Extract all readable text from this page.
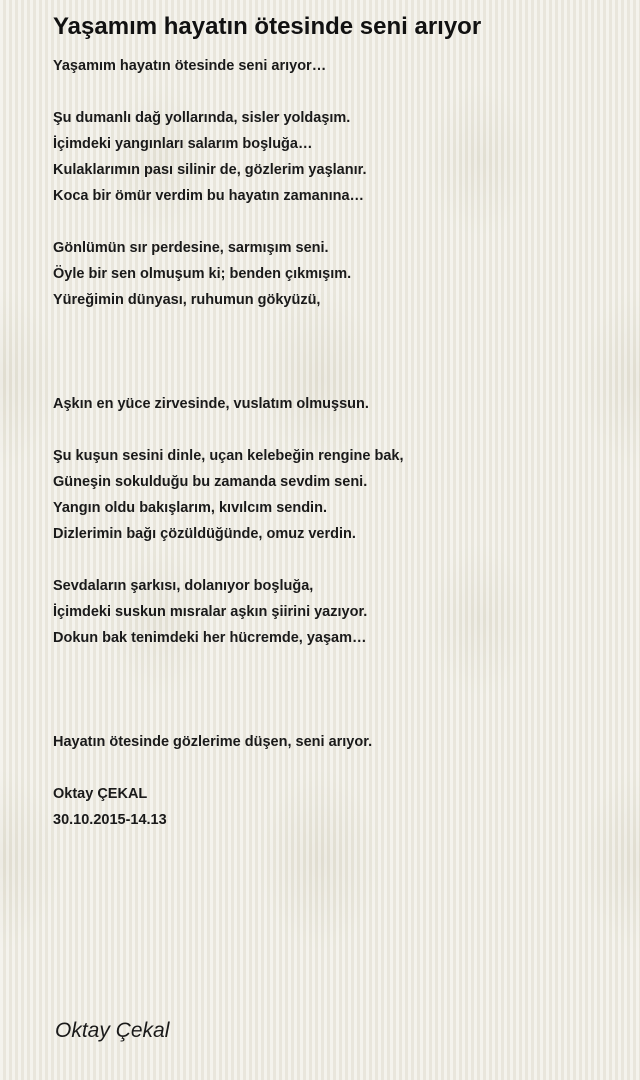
Yaşamım hayatın ötesinde seni arıyor
Yaşamım hayatın ötesinde seni arıyor…
Şu dumanlı dağ yollarında, sisler yoldaşım.
İçimdeki yangınları salarım boşluğa…
Kulaklarımın pası silinir de, gözlerim yaşlanır.
Koca bir ömür verdim bu hayatın zamanına…
Gönlümün sır perdesine, sarmışım seni.
Öyle bir sen olmuşum ki; benden çıkmışım.
Yüreğimin dünyası, ruhumun gökyüzü,
Aşkın en yüce zirvesinde, vuslatım olmuşsun.
Şu kuşun sesini dinle, uçan kelebeğin rengine bak,
Güneşin sokulduğu bu zamanda sevdim seni.
Yangın oldu bakışlarım, kıvılcım sendin.
Dizlerimin bağı çözüldüğünde, omuz verdin.
Sevdaların şarkısı, dolanıyor boşluğa,
İçimdeki suskun mısralar aşkın şiirini yazıyor.
Dokun bak tenimdeki her hücremde, yaşam…
Hayatın ötesinde gözlerime düşen, seni arıyor.
Oktay ÇEKAL
30.10.2015-14.13
Oktay Çekal
